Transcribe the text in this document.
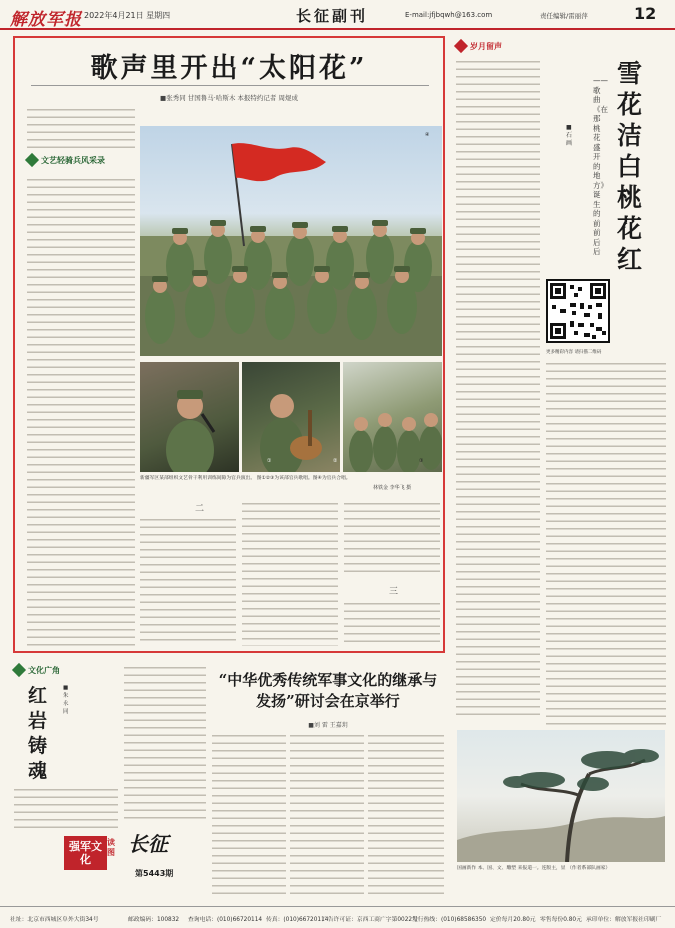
解放军报 2022年4月21日 星期四	长征副刊	E-mail:jfjbqwh@163.com	责任编辑/雷丽萍	12
歌声里开出“太阳花”
■张秀同 甘国鲁马·哈斯木 本报特约记者 周煜成
文艺轻骑兵风采录
①	②	③
④
新疆军区某部组织文艺骨干利用训练间隙为官兵演出。 图①②③为该部官兵歌唱。图④为官兵合唱。
林铁金 李华飞 摄
二
三
岁月留声
雪花洁白桃花红
——歌曲《在那桃花盛开的地方》诞生的前前后后
■石画
更多精彩内容 请扫描二维码
国画新作 本、国、文、雕塑 来报道一。连版主，显 （作者系部队画家）
文化广角
红岩铸魂
■朱永同
强军文化
读图 长征
第5443期
“中华优秀传统军事文化的继承与发扬”研讨会在京举行
■刘 雷 王嘉玥
社址：北京市西城区阜外大街34号	邮政编码：100832 查询电话：(010)66720114 传真：(010)66720114
广告许可证：京西工商广字第0022号
发行热线：(010)68586350 定价每月20.80元 零售每份0.80元 承印单位：解放军报社印刷厂
